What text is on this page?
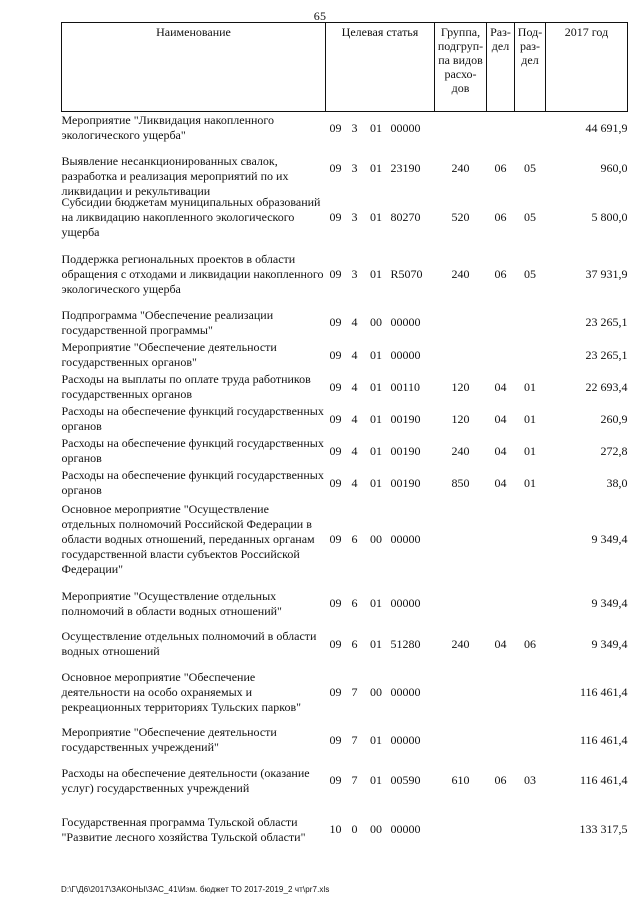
65
Наименование	Целевая статья	Группа, подгруп-па видов расхо-дов	Раз-дел	Под-раз-дел	2017 год
Мероприятие "Ликвидация накопленного экологического ущерба"	09 3 01 00000				44 691,9

Выявление несанкционированных свалок, разработка и реализация мероприятий по их ликвидации и рекультивации	09 3 01 23190	240	06	05	960,0
Субсидии бюджетам муниципальных образований на ликвидацию накопленного экологического ущерба	09 3 01 80270	520	06	05	5 800,0
Поддержка региональных проектов в области обращения с отходами и ликвидации накопленного экологического ущерба	09 3 01 R5070	240	06	05	37 931,9
Подпрограмма "Обеспечение реализации государственной программы"	09 4 00 00000				23 265,1
Мероприятие "Обеспечение деятельности государственных органов"	09 4 01 00000				23 265,1
Расходы на выплаты по оплате труда работников государственных органов	09 4 01 00110	120	04	01	22 693,4
Расходы на обеспечение функций государственных органов	09 4 01 00190	120	04	01	260,9
Расходы на обеспечение функций государственных органов	09 4 01 00190	240	04	01	272,8
Расходы на обеспечение функций государственных органов	09 4 01 00190	850	04	01	38,0
Основное мероприятие "Осуществление отдельных полномочий Российской Федерации в области водных отношений, переданных органам государственной власти субъектов Российской Федерации"	09 6 00 00000				9 349,4
Мероприятие "Осуществление отдельных полномочий в области водных отношений"	09 6 01 00000				9 349,4
Осуществление отдельных полномочий в области водных отношений	09 6 01 51280	240	04	06	9 349,4
Основное мероприятие "Обеспечение деятельности на особо охраняемых и рекреационных территориях Тульских парков"	09 7 00 00000				116 461,4
Мероприятие "Обеспечение деятельности государственных учреждений"	09 7 01 00000				116 461,4
Расходы на обеспечение деятельности (оказание услуг) государственных учреждений	09 7 01 00590	610	06	03	116 461,4
Государственная программа Тульской области "Развитие лесного хозяйства Тульской области"	10 0 00 00000				133 317,5
D:\Г\Д6\2017\ЗАКОНЫ\ЗАС_41\Изм. бюджет ТО 2017-2019_2 чт\pr7.xls
